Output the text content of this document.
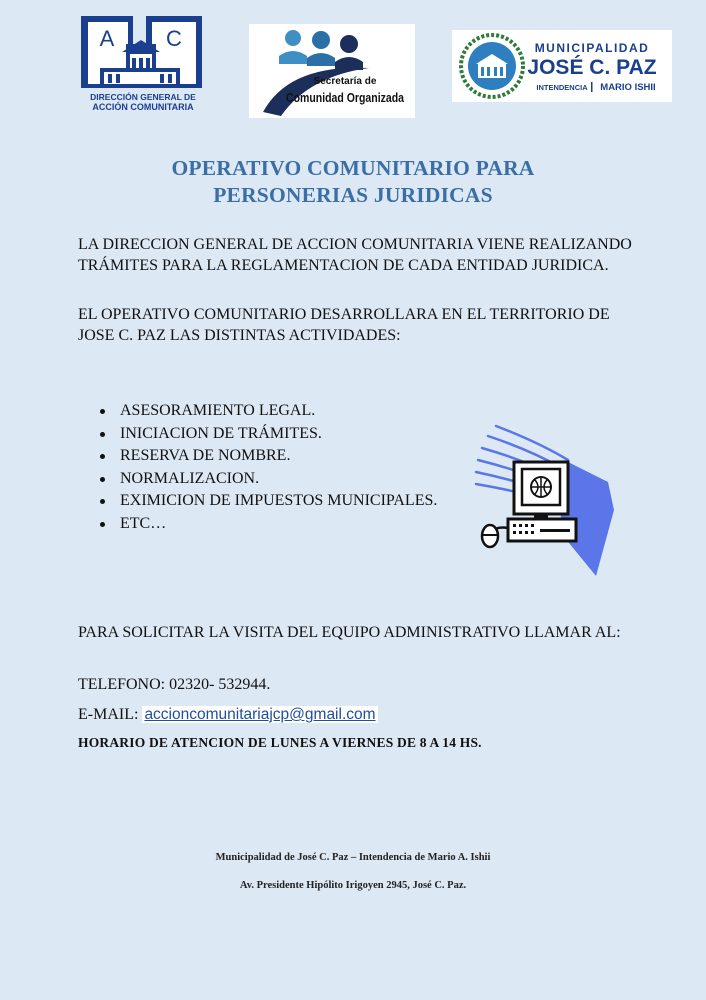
A C
DIRECCIÓN GENERAL DE
ACCIÓN COMUNITARIA
Secretaría de
Comunidad Organizada
MUNICIPALIDAD
JOSÉ C. PAZ
INTENDENCIA MARIO ISHII
OPERATIVO COMUNITARIO PARA
PERSONERIAS JURIDICAS
LA DIRECCION GENERAL DE ACCION COMUNITARIA VIENE REALIZANDO TRÁMITES PARA LA REGLAMENTACION DE CADA ENTIDAD JURIDICA.
EL OPERATIVO COMUNITARIO DESARROLLARA EN EL TERRITORIO DE JOSE C. PAZ LAS DISTINTAS ACTIVIDADES:
ASESORAMIENTO LEGAL.
INICIACION DE TRÁMITES.
RESERVA DE NOMBRE.
NORMALIZACION.
EXIMICION DE IMPUESTOS MUNICIPALES.
ETC…
PARA SOLICITAR LA VISITA DEL EQUIPO ADMINISTRATIVO LLAMAR AL:
TELEFONO: 02320- 532944.
E-MAIL: accioncomunitariajcp@gmail.com
HORARIO DE ATENCION DE LUNES A VIERNES DE 8 A 14 HS.
Municipalidad de José C. Paz – Intendencia de Mario A. Ishii
Av. Presidente Hipólito Irigoyen 2945, José C. Paz.
